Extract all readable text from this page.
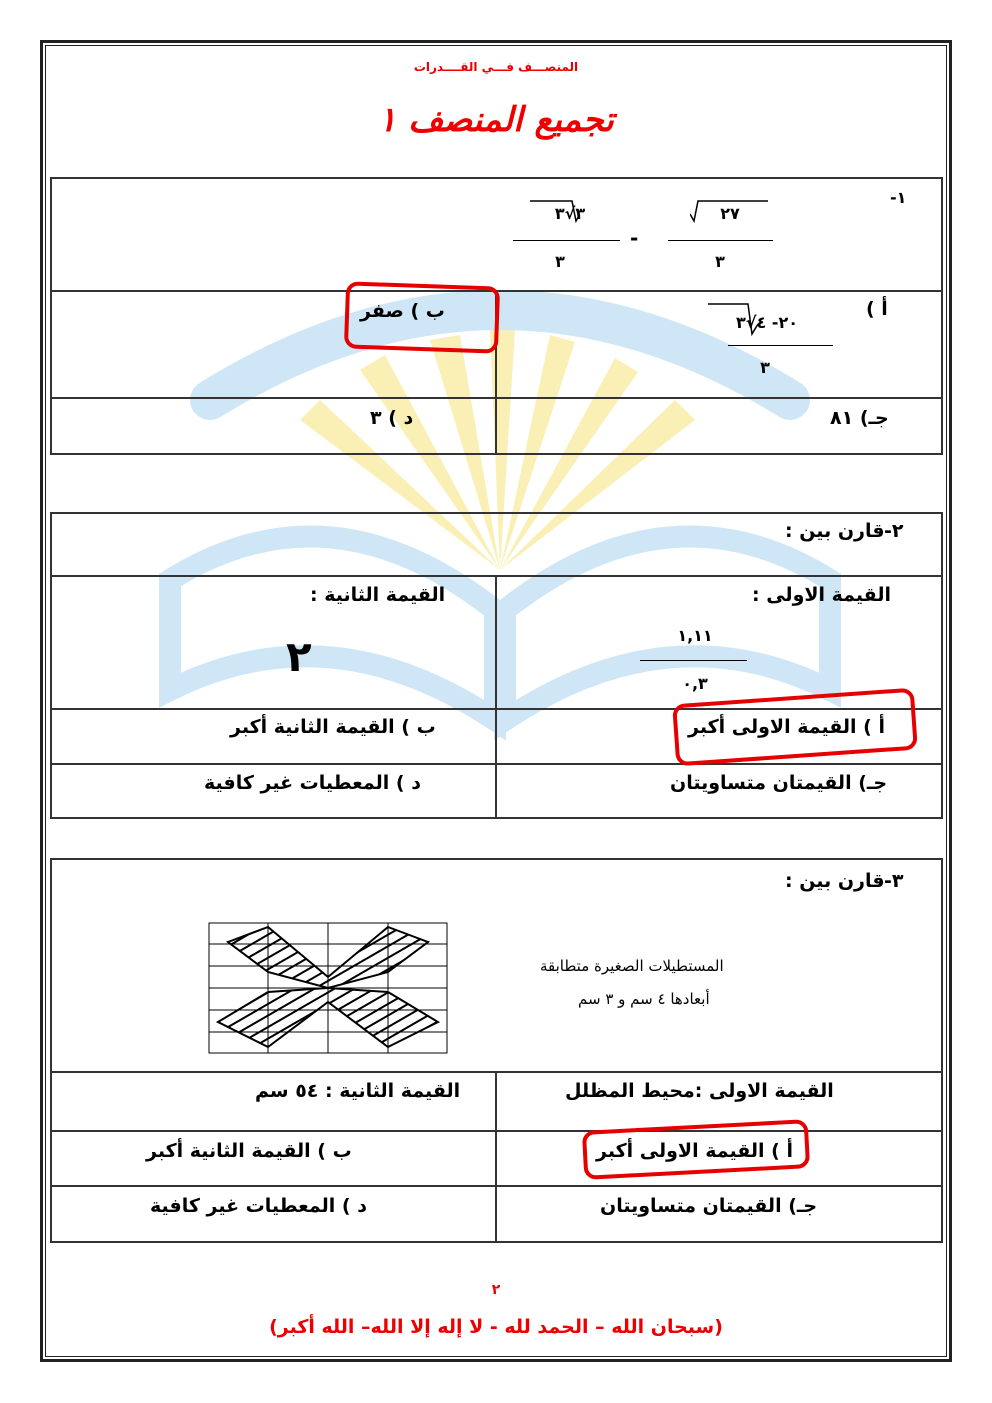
المنصـــف فـــي القــــدرات
تجميع المنصف ١
١-
٢٧
٣
-
٣√٣
٣
أ )
٢٠- ٤√٣
٣
ب ) صفر
جـ) ٨١
د ) ٣
٢-
قارن بين :
القيمة الاولى :
١,١١
٠,٣
القيمة الثانية :
٢
أ ) القيمة الاولى أكبر
ب ) القيمة الثانية أكبر
جـ) القيمتان متساويتان
د ) المعطيات غير كافية
٣-
قارن بين :
المستطيلات الصغيرة متطابقة
أبعادها ٤ سم و ٣ سم
القيمة الاولى :محيط المظلل
القيمة الثانية : ٥٤ سم
أ ) القيمة الاولى أكبر
ب ) القيمة الثانية أكبر
جـ) القيمتان متساويتان
د ) المعطيات غير كافية
٢
(سبحان الله – الحمد لله - لا إله إلا الله– الله أكبر)
